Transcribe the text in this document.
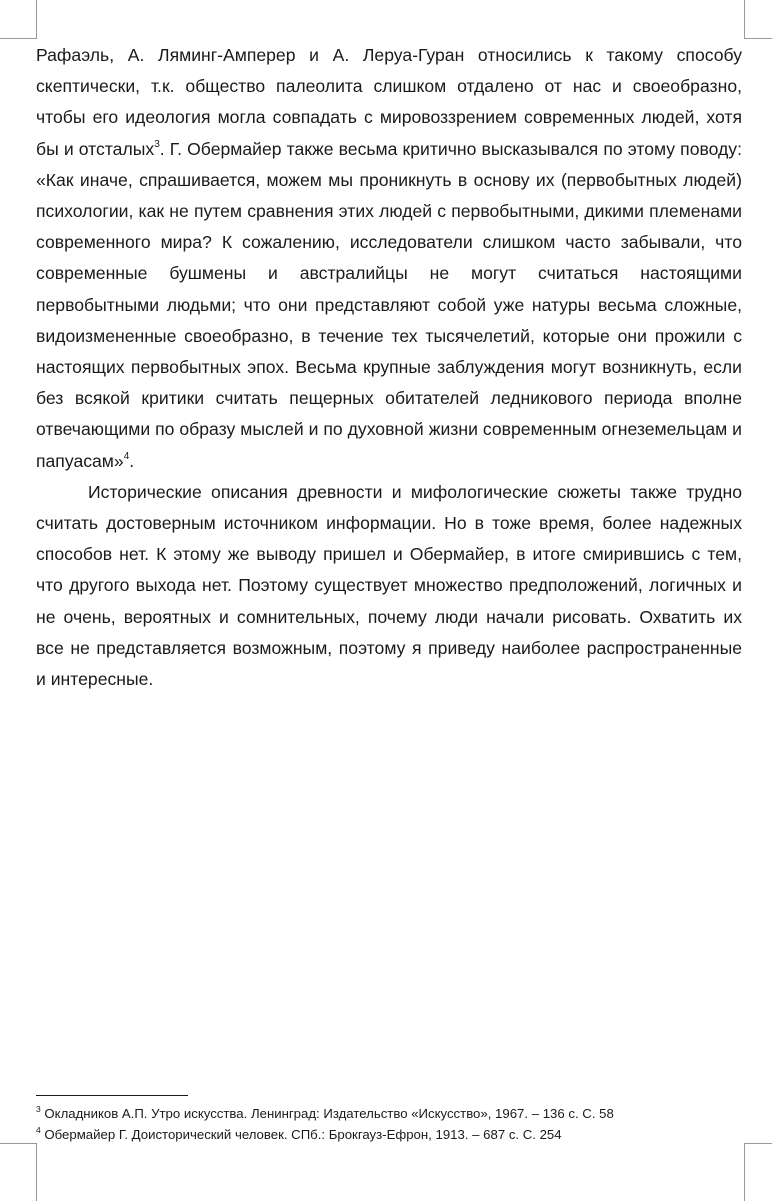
Рафаэль, А. Ляминг-Амперер и А. Леруа-Гуран относились к такому способу скептически, т.к. общество палеолита слишком отдалено от нас и своеобразно, чтобы его идеология могла совпадать с мировоззрением современных людей, хотя бы и отсталых$^3$. Г. Обермайер также весьма критично высказывался по этому поводу: «Как иначе, спрашивается, можем мы проникнуть в основу их (первобытных людей) психологии, как не путем сравнения этих людей с первобытными, дикими племенами современного мира? К сожалению, исследователи слишком часто забывали, что современные бушмены и австралийцы не могут считаться настоящими первобытными людьми; что они представляют собой уже натуры весьма сложные, видоизмененные своеобразно, в течение тех тысячелетий, которые они прожили с настоящих первобытных эпох. Весьма крупные заблуждения могут возникнуть, если без всякой критики считать пещерных обитателей ледникового периода вполне отвечающими по образу мыслей и по духовной жизни современным огнеземельцам и папуасам»$^4$.

Исторические описания древности и мифологические сюжеты также трудно считать достоверным источником информации. Но в тоже время, более надежных способов нет. К этому же выводу пришел и Обермайер, в итоге смирившись с тем, что другого выхода нет. Поэтому существует множество предположений, логичных и не очень, вероятных и сомнительных, почему люди начали рисовать. Охватить их все не представляется возможным, поэтому я приведу наиболее распространенные и интересные.

$^3$ Окладников А.П. Утро искусства. Ленинград: Издательство «Искусство», 1967. – 136 с. С. 58
$^4$ Обермайер Г. Доисторический человек. СПб.: Брокгауз-Ефрон, 1913. – 687 с. С. 254
